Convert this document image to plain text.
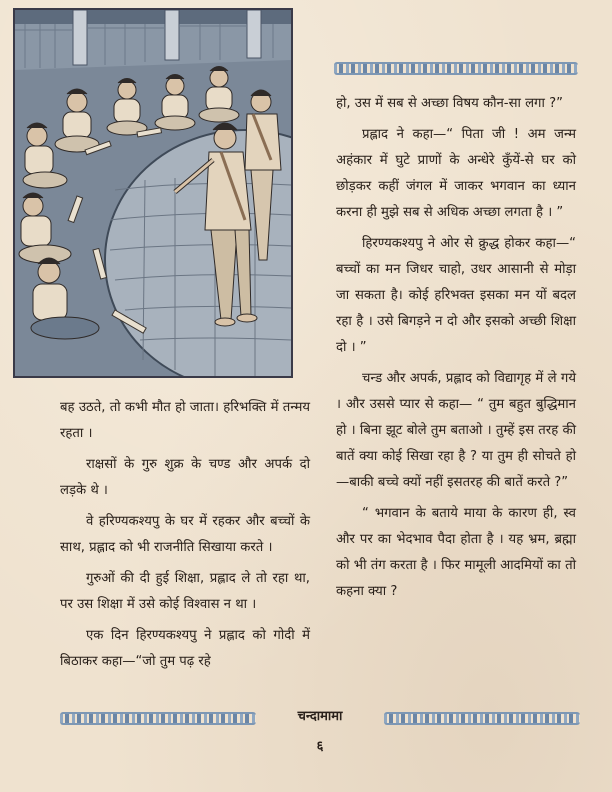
हो, उस में सब से अच्छा विषय कौन-सा लगा ?”

प्रह्लाद ने कहा—“ पिता जी ! अम जन्म अहंकार में घुटे प्राणों के अन्धेरे कुँयें-से घर को छोड़कर कहीं जंगल में जाकर भगवान का ध्यान करना ही मुझे सब से अधिक अच्छा लगता है । ”

हिरण्यकश्यपु ने ओर से क्रुद्ध होकर कहा—“ बच्चों का मन जिधर चाहो, उधर आसानी से मोड़ा जा सकता है। कोई हरिभक्त इसका मन यों बदल रहा है । उसे बिगड़ने न दो और इसको अच्छी शिक्षा दो । ”

चन्ड और अपर्क, प्रह्लाद को विद्यागृह में ले गये । और उससे प्यार से कहा— “ तुम बहुत बुद्धिमान हो । बिना झूट बोले तुम बताओ । तुम्हें इस तरह की बातें क्या कोई सिखा रहा है ? या तुम ही सोचते हो—बाकी बच्चे क्यों नहीं इसतरह की बातें करते ?”

“ भगवान के बताये माया के कारण ही, स्व और पर का भेदभाव पैदा होता है । यह भ्रम, ब्रह्मा को भी तंग करता है । फिर मामूली आदमियों का तो कहना क्या ?

बह उठते, तो कभी मौत हो जाता। हरिभक्ति में तन्मय रहता ।

राक्षसों के गुरु शुक्र के चण्ड और अपर्क दो लड़के थे ।

वे हरिण्यकश्यपु के घर में रहकर और बच्चों के साथ, प्रह्लाद को भी राजनीति सिखाया करते ।

गुरुओं की दी हुई शिक्षा, प्रह्लाद ले तो रहा था, पर उस शिक्षा में उसे कोई विश्वास न था ।

एक दिन हिरण्यकश्यपु ने प्रह्लाद को गोदी में बिठाकर कहा—“जो तुम पढ़ रहे

चन्दामामा
६
